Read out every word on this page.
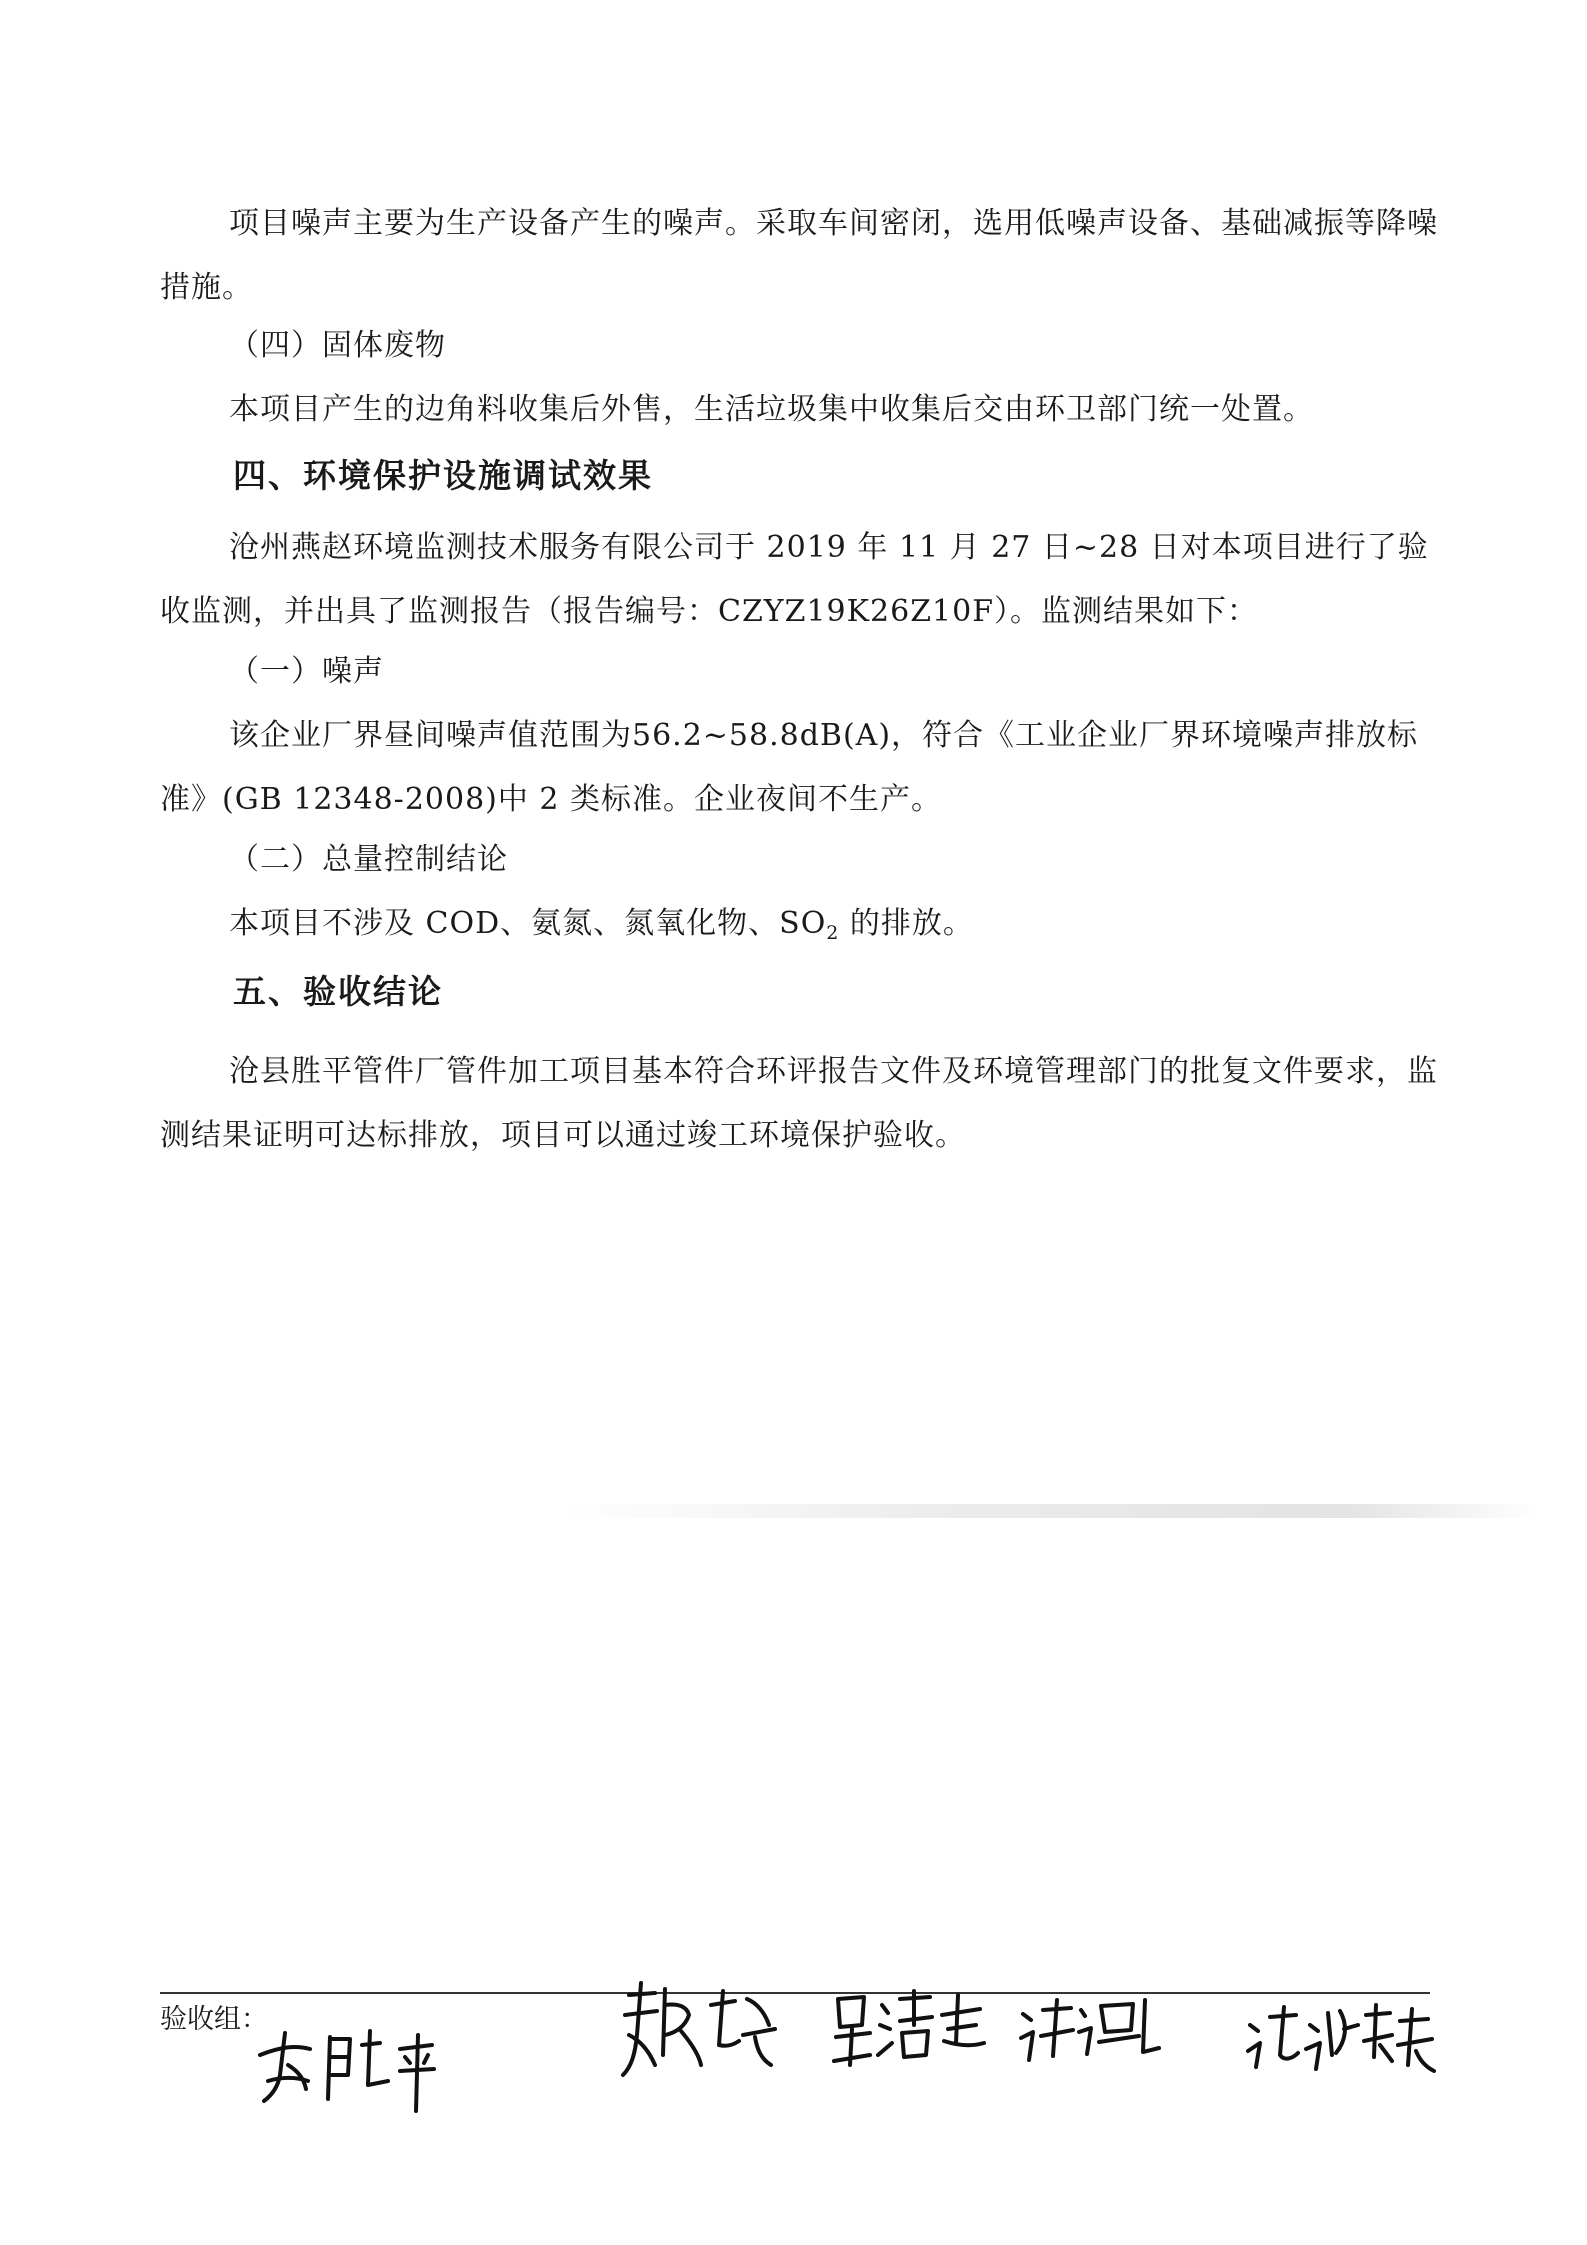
项目噪声主要为生产设备产生的噪声。采取车间密闭，选用低噪声设备、基础减振等降噪措施。

（四）固体废物

本项目产生的边角料收集后外售，生活垃圾集中收集后交由环卫部门统一处置。

四、环境保护设施调试效果

沧州燕赵环境监测技术服务有限公司于 2019 年 11 月 27 日~28 日对本项目进行了验收监测，并出具了监测报告（报告编号：CZYZ19K26Z10F）。监测结果如下：

（一）噪声

该企业厂界昼间噪声值范围为56.2~58.8dB(A)，符合《工业企业厂界环境噪声排放标准》(GB 12348-2008)中 2 类标准。企业夜间不生产。

（二）总量控制结论

本项目不涉及 COD、氨氮、氮氧化物、$SO_2$ 的排放。

五、验收结论

沧县胜平管件厂管件加工项目基本符合环评报告文件及环境管理部门的批复文件要求，监测结果证明可达标排放，项目可以通过竣工环境保护验收。

验收组：
